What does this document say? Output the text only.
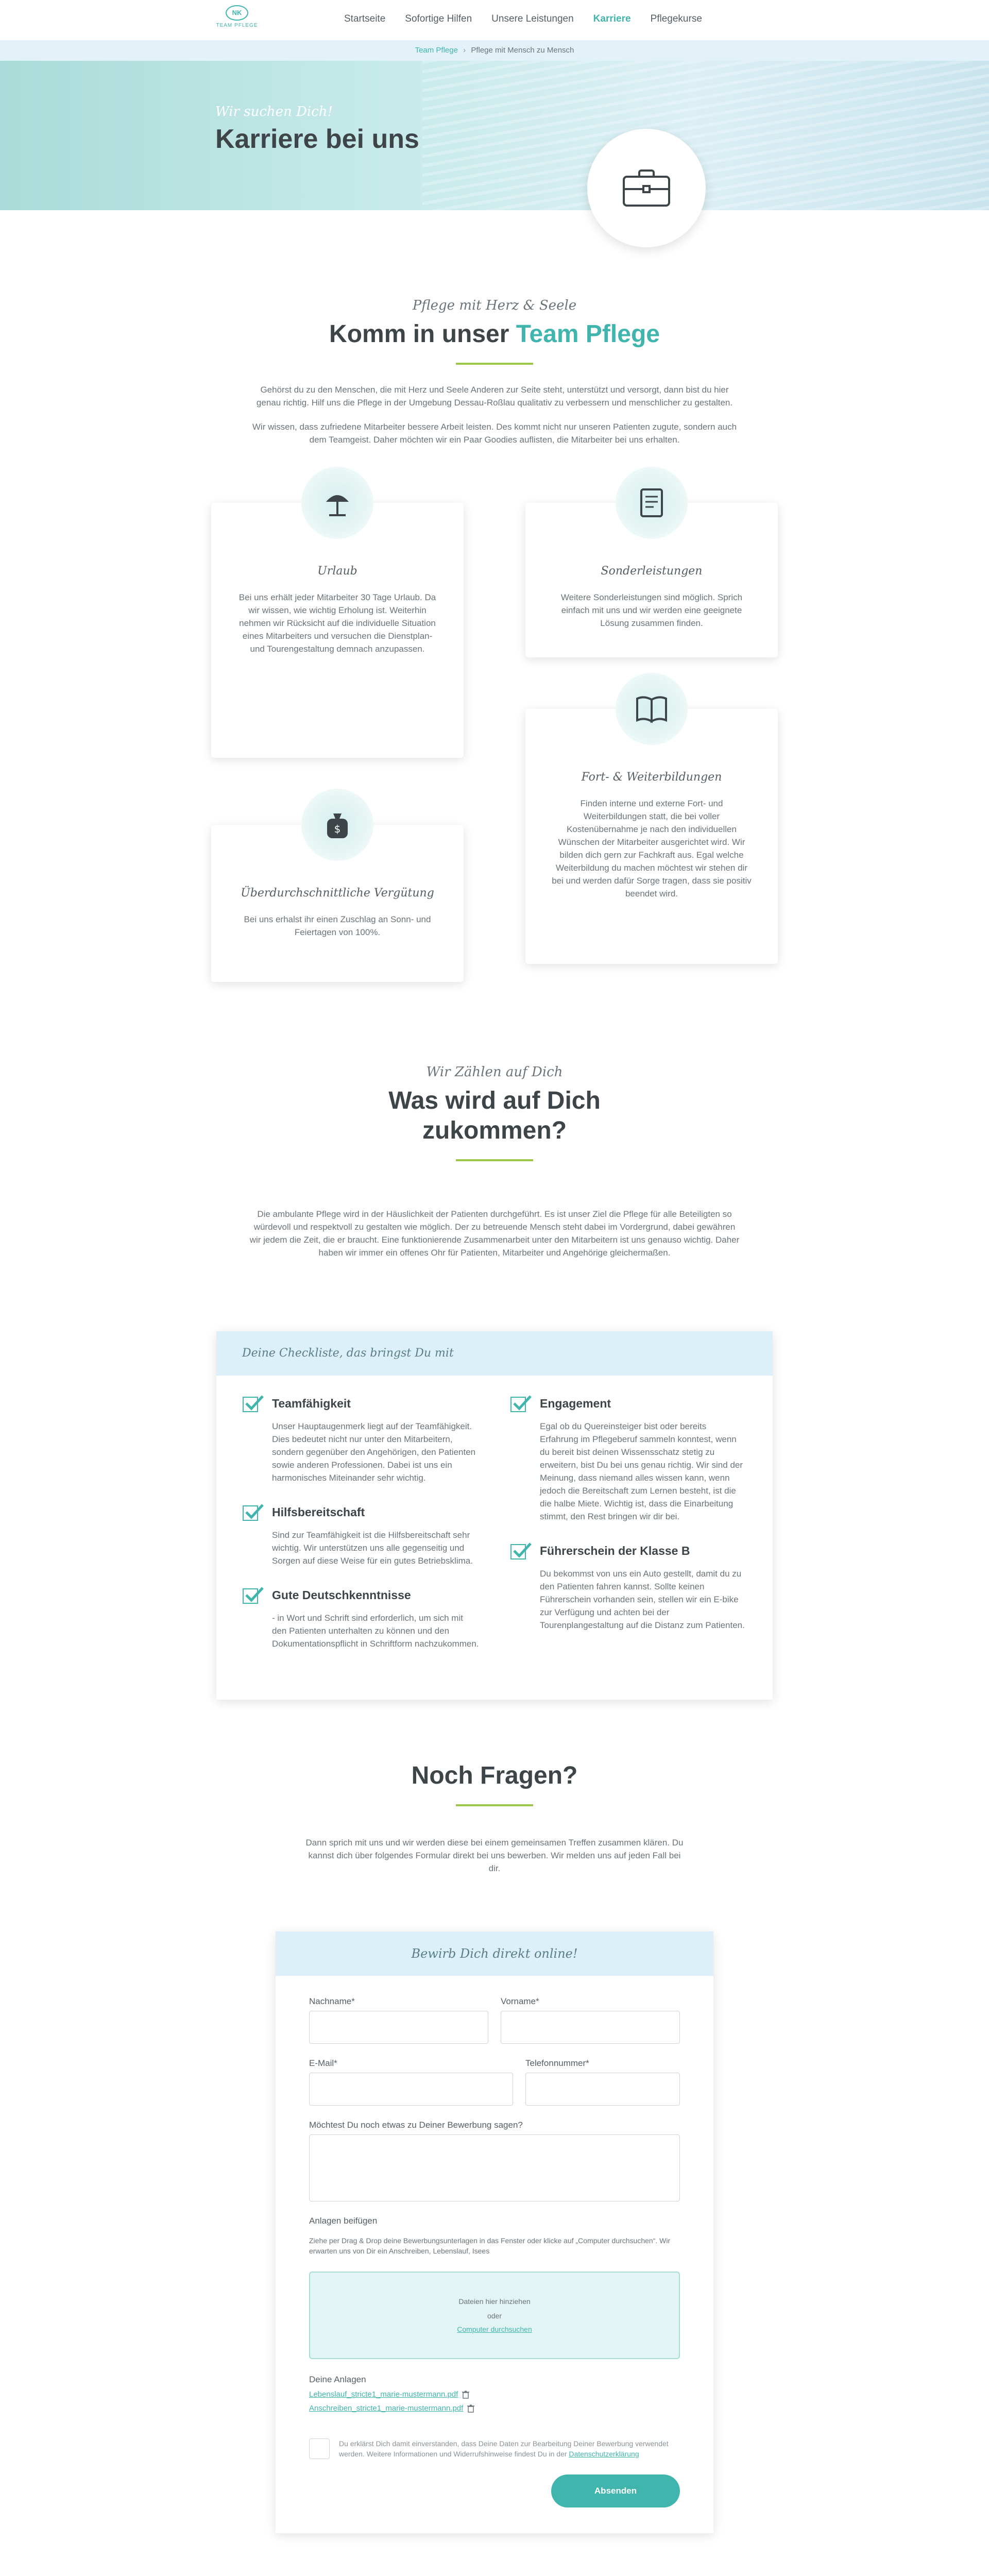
NK
TEAM PFLEGE
Startseite Sofortige Hilfen Unsere Leistungen Karriere Pflegekurse
Team Pflege › Pflege mit Mensch zu Mensch
Wir suchen Dich!
Karriere bei uns
Pflege mit Herz & Seele
Komm in unser Team Pflege

Gehörst du zu den Menschen, die mit Herz und Seele Anderen zur Seite steht, unterstützt und versorgt, dann bist du hier genau richtig. Hilf uns die Pflege in der Umgebung Dessau-Roßlau qualitativ zu verbessern und menschlicher zu gestalten.

Wir wissen, dass zufriedene Mitarbeiter bessere Arbeit leisten. Des kommt nicht nur unseren Patienten zugute, sondern auch dem Teamgeist. Daher möchten wir ein Paar Goodies auflisten, die Mitarbeiter bei uns erhalten.

Urlaub

Bei uns erhält jeder Mitarbeiter 30 Tage Urlaub. Da wir wissen, wie wichtig Erholung ist. Weiterhin nehmen wir Rücksicht auf die individuelle Situation eines Mitarbeiters und versuchen die Dienstplan- und Tourengestaltung demnach anzupassen.

Sonderleistungen

Weitere Sonderleistungen sind möglich. Sprich einfach mit uns und wir werden eine geeignete Lösung zusammen finden.

$
Überdurchschnittliche Vergütung

Bei uns erhalst ihr einen Zuschlag an Sonn- und Feiertagen von 100%.

Fort- & Weiterbildungen

Finden interne und externe Fort- und Weiterbildungen statt, die bei voller Kostenübernahme je nach den individuellen Wünschen der Mitarbeiter ausgerichtet wird. Wir bilden dich gern zur Fachkraft aus. Egal welche Weiterbildung du machen möchtest wir stehen dir bei und werden dafür Sorge tragen, dass sie positiv beendet wird.

Wir Zählen auf Dich
Was wird auf Dich
zukommen?
Die ambulante Pflege wird in der Häuslichkeit der Patienten durchgeführt. Es ist unser Ziel die Pflege für alle Beteiligten so würdevoll und respektvoll zu gestalten wie möglich. Der zu betreuende Mensch steht dabei im Vordergrund, dabei gewähren wir jedem die Zeit, die er braucht. Eine funktionierende Zusammenarbeit unter den Mitarbeitern ist uns genauso wichtig. Daher haben wir immer ein offenes Ohr für Patienten, Mitarbeiter und Angehörige gleichermaßen.
Deine Checkliste, das bringst Du mit
Teamfähigkeit

Unser Hauptaugenmerk liegt auf der Teamfähigkeit. Dies bedeutet nicht nur unter den Mitarbeitern, sondern gegenüber den Angehörigen, den Patienten sowie anderen Professionen. Dabei ist uns ein harmonisches Miteinander sehr wichtig.

Hilfsbereitschaft

Sind zur Teamfähigkeit ist die Hilfsbereitschaft sehr wichtig. Wir unterstützen uns alle gegenseitig und Sorgen auf diese Weise für ein gutes Betriebsklima.

Gute Deutschkenntnisse

- in Wort und Schrift sind erforderlich, um sich mit den Patienten unterhalten zu können und den Dokumentationspflicht in Schriftform nachzukommen.

Engagement

Egal ob du Quereinsteiger bist oder bereits Erfahrung im Pflegeberuf sammeln konntest, wenn du bereit bist deinen Wissensschatz stetig zu erweitern, bist Du bei uns genau richtig. Wir sind der Meinung, dass niemand alles wissen kann, wenn jedoch die Bereitschaft zum Lernen besteht, ist die die halbe Miete. Wichtig ist, dass die Einarbeitung stimmt, den Rest bringen wir dir bei.

Führerschein der Klasse B

Du bekommst von uns ein Auto gestellt, damit du zu den Patienten fahren kannst. Sollte keinen Führerschein vorhanden sein, stellen wir ein E-bike zur Verfügung und achten bei der Tourenplangestaltung auf die Distanz zum Patienten.

Noch Fragen?

Dann sprich mit uns und wir werden diese bei einem gemeinsamen Treffen zusammen klären. Du kannst dich über folgendes Formular direkt bei uns bewerben. Wir melden uns auf jeden Fall bei dir.

Bewirb Dich direkt online!
Nachname*	Vorname*
E-Mail*	Telefonnummer*
Möchtest Du noch etwas zu Deiner Bewerbung sagen?
Anlagen beifügen
Ziehe per Drag & Drop deine Bewerbungsunterlagen in das Fenster oder klicke auf „Computer durchsuchen“. Wir erwarten uns von Dir ein Anschreiben, Lebenslauf, Isees
Dateien hier hinziehen
oder
Computer durchsuchen
Deine Anlagen
Lebenslauf_stricte1_marie-mustermann.pdf
Anschreiben_stricte1_marie-mustermann.pdf

Du erklärst Dich damit einverstanden, dass Deine Daten zur Bearbeitung Deiner Bewerbung verwendet werden. Weitere Informationen und Widerrufshinweise findest Du in der Datenschutzerklärung

Absenden
